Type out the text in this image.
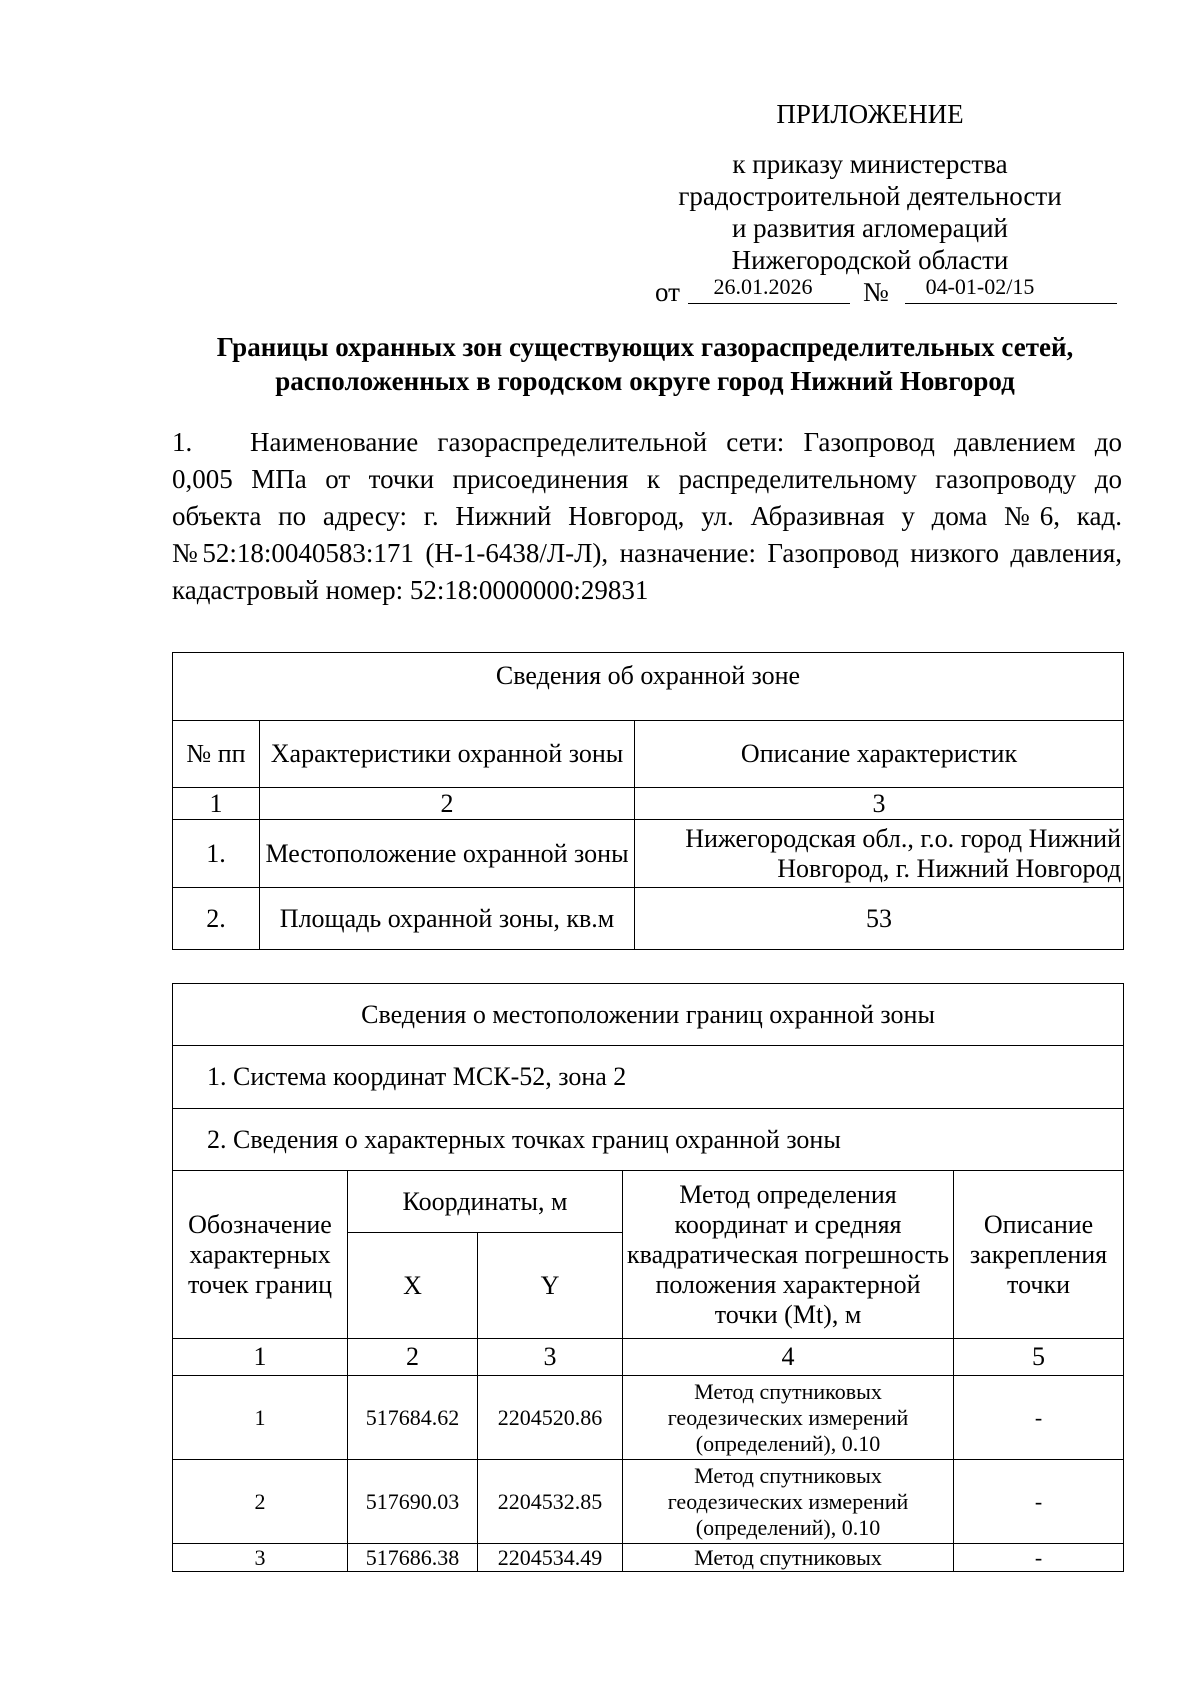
ПРИЛОЖЕНИЕ
к приказу министерства
градостроительной деятельности
и развития агломераций
Нижегородской области
от	26.01.2026	№	04-01-02/15
Границы охранных зон существующих газораспределительных сетей,
расположенных в городском округе город Нижний Новгород
1. Наименование газораспределительной сети: Газопровод давлением до 0,005 МПа от точки присоединения к распределительному газопроводу до объекта по адресу: г. Нижний Новгород, ул. Абразивная у дома №6, кад. №52:18:0040583:171 (Н-1-6438/Л-Л), назначение: Газопровод низкого давления, кадастровый номер: 52:18:0000000:29831
Сведения об охранной зоне		
№ пп	Характеристики охранной зоны	Описание характеристик
1	2	3
1.	Местоположение охранной зоны	Нижегородская обл., г.о. город Нижний Новгород, г. Нижний Новгород
2.	Площадь охранной зоны, кв.м	53
Сведения о местоположении границ охранной зоны				
1. Система координат МСК-52, зона 2				
2. Сведения о характерных точках границ охранной зоны				
Обозначение характерных точек границ	Координаты, м		Метод определения координат и средняя квадратическая погрешность положения характерной точки (Mt), м	Описание закрепления точки
	X	Y		
1	2	3	4	5
1	517684.62	2204520.86	Метод спутниковых геодезических измерений (определений), 0.10	-
2	517690.03	2204532.85	Метод спутниковых геодезических измерений (определений), 0.10	-
3	517686.38	2204534.49	Метод спутниковых	-
